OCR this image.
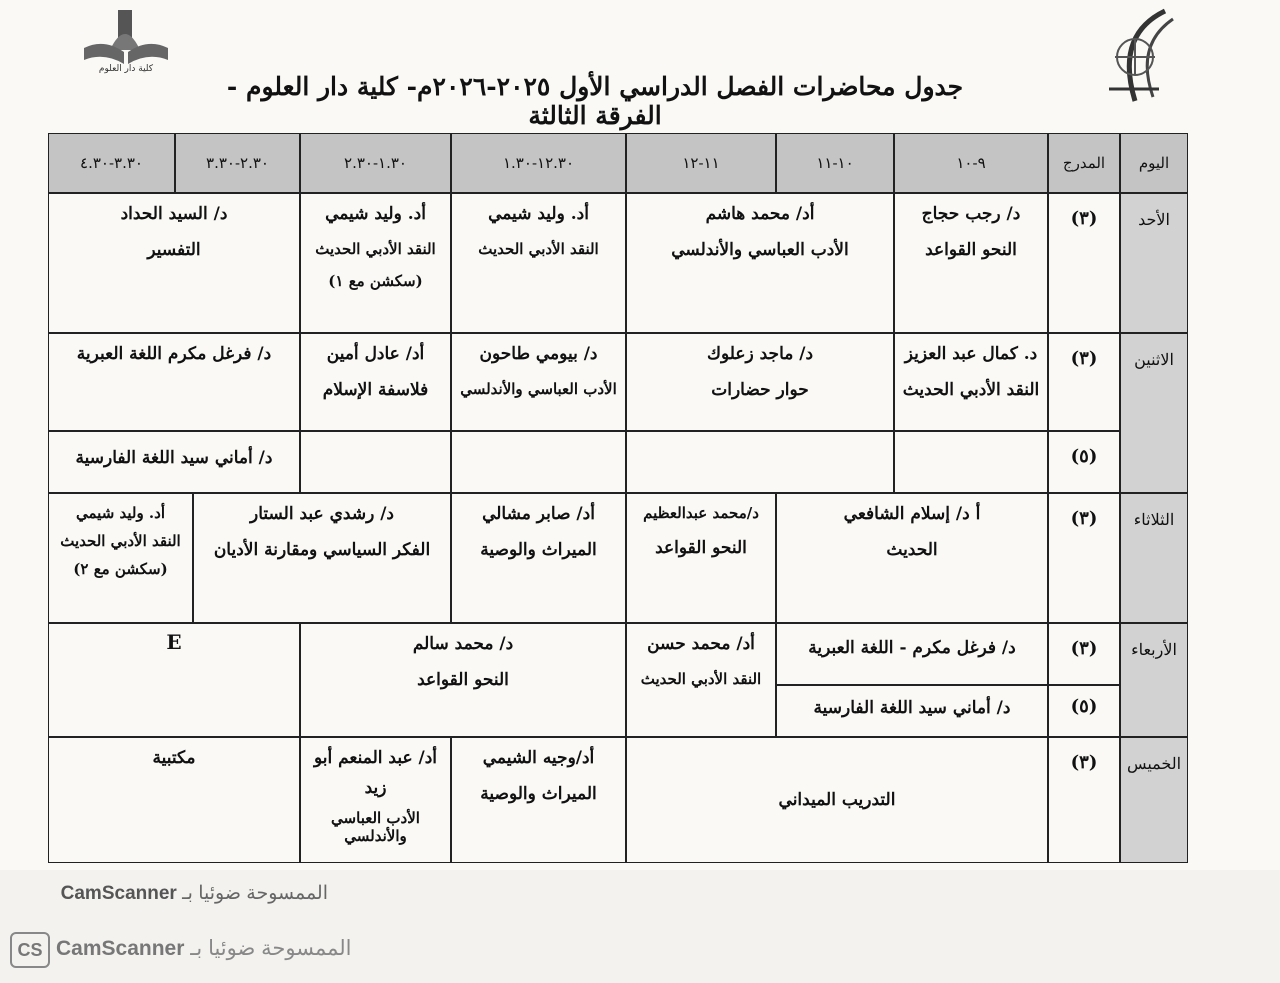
كلية دار العلوم
جدول محاضرات الفصل الدراسي الأول ٢٠٢٥-٢٠٢٦م- كلية دار العلوم - الفرقة الثالثة
اليوم
المدرج
٩-١٠
١٠-١١
١١-١٢
١٢.٣٠-١.٣٠
١.٣٠-٢.٣٠
٢.٣٠-٣.٣٠
٣.٣٠-٤.٣٠
الأحد
(٣)
د/ رجب حجاج
النحو القواعد
أد/ محمد هاشم
الأدب العباسي والأندلسي
أد. وليد شيمي
النقد الأدبي الحديث
أد. وليد شيمي
النقد الأدبي الحديث
(سكشن مع ١)
د/ السيد الحداد
التفسير
الاثنين
(٣)
د. كمال عبد العزيز
النقد الأدبي الحديث
د/ ماجد زعلوك
حوار حضارات
د/ بيومي طاحون
الأدب العباسي والأندلسي
أد/ عادل أمين
فلاسفة الإسلام
د/ فرغل مكرم اللغة العبرية
(٥)
د/ أماني سيد اللغة الفارسية
الثلاثاء
(٣)
أ د/ إسلام الشافعي
الحديث
د/محمد عبدالعظيم
النحو القواعد
أد/ صابر مشالي
الميراث والوصية
د/ رشدي عبد الستار
الفكر السياسي ومقارنة الأديان
أد. وليد شيمي
النقد الأدبي الحديث
(سكشن مع ٢)
الأربعاء
(٣)
د/ فرغل مكرم - اللغة العبرية
(٥)
د/ أماني سيد اللغة الفارسية
أد/ محمد حسن
النقد الأدبي الحديث
د/ محمد سالم
النحو القواعد
E
الخميس
(٣)
التدريب الميداني
أد/وجيه الشيمي
الميراث والوصية
أد/ عبد المنعم أبو
زيد
الأدب العباسي والأندلسي
مكتبية
الممسوحة ضوئيا بـ CamScanner
CS	الممسوحة ضوئيا بـ CamScanner
